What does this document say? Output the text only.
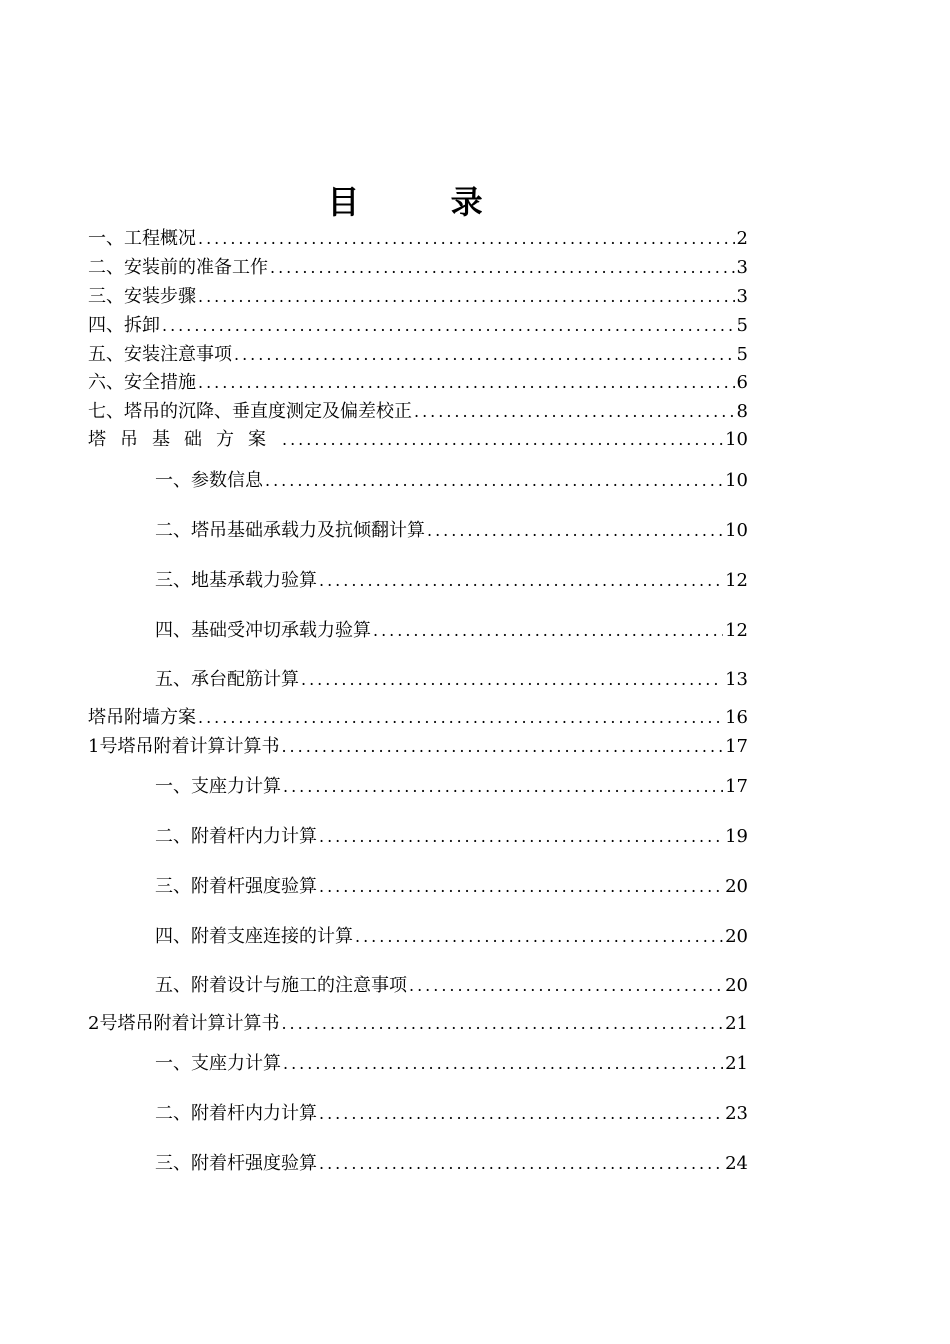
目 录
一、工程概况 .....	2
二、安装前的准备工作 .....	3
三、安装步骤 .....	3
四、拆卸 .....	5
五、安装注意事项 .....	5
六、安全措施 .....	6
七、塔吊的沉降、垂直度测定及偏差校正 .....	8
塔吊基础方案 .....	10
一、参数信息 .....	10
二、塔吊基础承载力及抗倾翻计算 .....	10
三、地基承载力验算 .....	12
四、基础受冲切承载力验算 .....	12
五、承台配筋计算 .....	13
塔吊附墙方案 .....	16
1号塔吊附着计算计算书 .....	17
一、支座力计算 .....	17
二、附着杆内力计算 .....	19
三、附着杆强度验算 .....	20
四、附着支座连接的计算 .....	20
五、附着设计与施工的注意事项 .....	20
2号塔吊附着计算计算书 .....	21
一、支座力计算 .....	21
二、附着杆内力计算 .....	23
三、附着杆强度验算 .....	24
